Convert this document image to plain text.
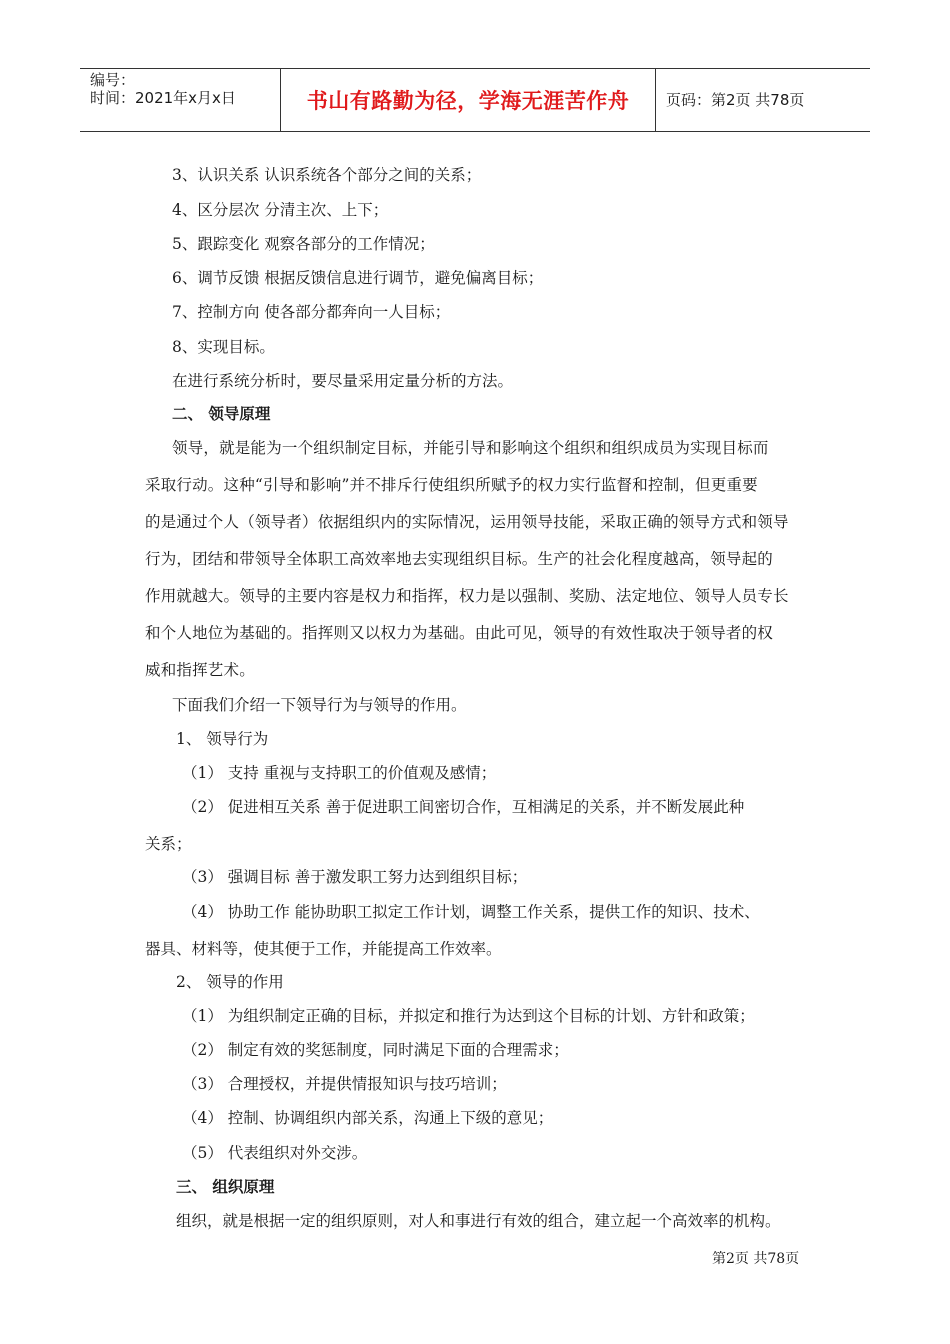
编号：
时间：2021年x月x日	书山有路勤为径，学海无涯苦作舟	页码：第2页 共78页
3、认识关系 认识系统各个部分之间的关系；
4、区分层次 分清主次、上下；
5、跟踪变化 观察各部分的工作情况；
6、调节反馈 根据反馈信息进行调节，避免偏离目标；
7、控制方向 使各部分都奔向一人目标；
8、实现目标。
在进行系统分析时，要尽量采用定量分析的方法。
二、 领导原理
领导，就是能为一个组织制定目标，并能引导和影响这个组织和组织成员为实现目标而
采取行动。这种“引导和影响”并不排斥行使组织所赋予的权力实行监督和控制，但更重要
的是通过个人（领导者）依据组织内的实际情况，运用领导技能，采取正确的领导方式和领导
行为，团结和带领导全体职工高效率地去实现组织目标。生产的社会化程度越高，领导起的
作用就越大。领导的主要内容是权力和指挥，权力是以强制、奖励、法定地位、领导人员专长
和个人地位为基础的。指挥则又以权力为基础。由此可见，领导的有效性取决于领导者的权
威和指挥艺术。
下面我们介绍一下领导行为与领导的作用。
1、 领导行为
（1） 支持 重视与支持职工的价值观及感情；
（2） 促进相互关系 善于促进职工间密切合作，互相满足的关系，并不断发展此种
关系；
（3） 强调目标 善于激发职工努力达到组织目标；
（4） 协助工作 能协助职工拟定工作计划，调整工作关系，提供工作的知识、技术、
器具、材料等，使其便于工作，并能提高工作效率。
2、 领导的作用
（1） 为组织制定正确的目标，并拟定和推行为达到这个目标的计划、方针和政策；
（2） 制定有效的奖惩制度，同时满足下面的合理需求；
（3） 合理授权，并提供情报知识与技巧培训；
（4） 控制、协调组织内部关系，沟通上下级的意见；
（5） 代表组织对外交涉。
三、 组织原理
组织，就是根据一定的组织原则，对人和事进行有效的组合，建立起一个高效率的机构。
第2页 共78页
